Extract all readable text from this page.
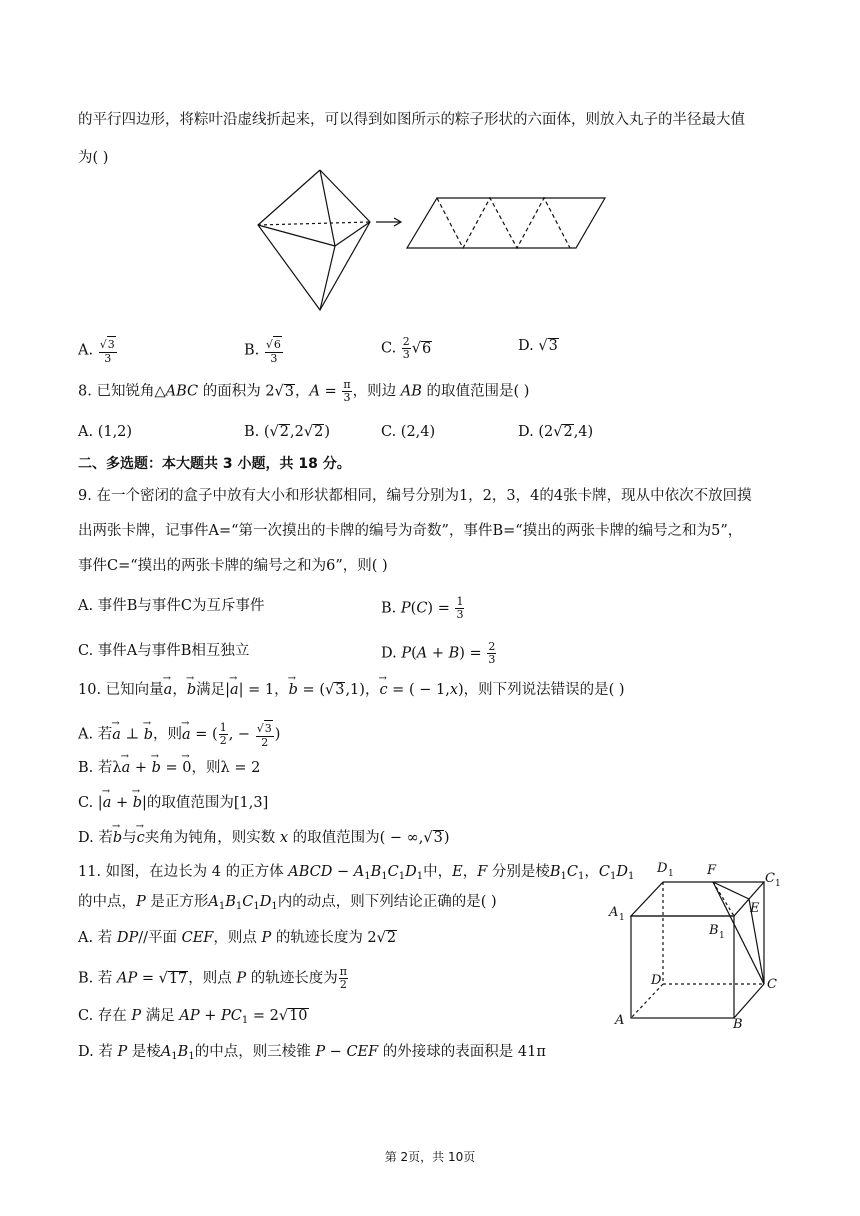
的平行四边形，将粽叶沿虚线折起来，可以得到如图所示的粽子形状的六面体，则放入丸子的半径最大值
为( )
A. $\frac{√3}{3}$	B. $\frac{√6}{3}$	C. $\frac{2}{3} √6$	D. √3
8. 已知锐角△ABC 的面积为 2√3，$A = \frac{\pi}{3}$ ，则边 AB 的取值范围是( )
A. (1,2)	B. (√2,2√2)	C. (2,4)	D. (2√2,4)
二、多选题：本大题共 3 小题，共 18 分。
9. 在一个密闭的盒子中放有大小和形状都相同，编号分别为1，2，3，4的4张卡牌，现从中依次不放回摸
出两张卡牌，记事件A=“第一次摸出的卡牌的编号为奇数”，事件B=“摸出的两张卡牌的编号之和为5”，
事件C=“摸出的两张卡牌的编号之和为6”，则( )
A. 事件B与事件C为互斥事件	B. $P(C) = \frac{1}{3}$
C. 事件A与事件B相互独立	D. $P(A + B) = \frac{2}{3}$
10. 已知向量→ a，→ b满足|→ a| = 1，→ b = (√3,1)，→ c = ( − 1,x)，则下列说法错误的是( )
A. 若→ a ⊥ → b，则→ a = ( $\frac{1}{2}$ , − $\frac{√3}{2}$ )
B. 若λ→ a + → b = → 0，则λ = 2
C. |→ a + → b|的取值范围为[1,3]
D. 若→ b与→ c夹角为钝角，则实数 x 的取值范围为( − ∞,√3)
11. 如图，在边长为 4 的正方体 ABCD − $A_1B_1C_1D_1$中，E，F 分别是棱$B_1C_1$，$C_1D_1$
的中点，P 是正方形$A_1B_1C_1D_1$内的动点，则下列结论正确的是( )
A. 若 DP//平面 CEF，则点 P 的轨迹长度为 2√2
B. 若 AP = √17，则点 P 的轨迹长度为 $\frac{\pi}{2}$
C. 存在 P 满足 AP + $PC_1 = 2√10$
D. 若 P 是棱$A_1B_1$的中点，则三棱锥 P − CEF 的外接球的表面积是 41π
D 1	F
C 1
A 1
E
B 1
D	C
A	B
第 2页，共 10页
